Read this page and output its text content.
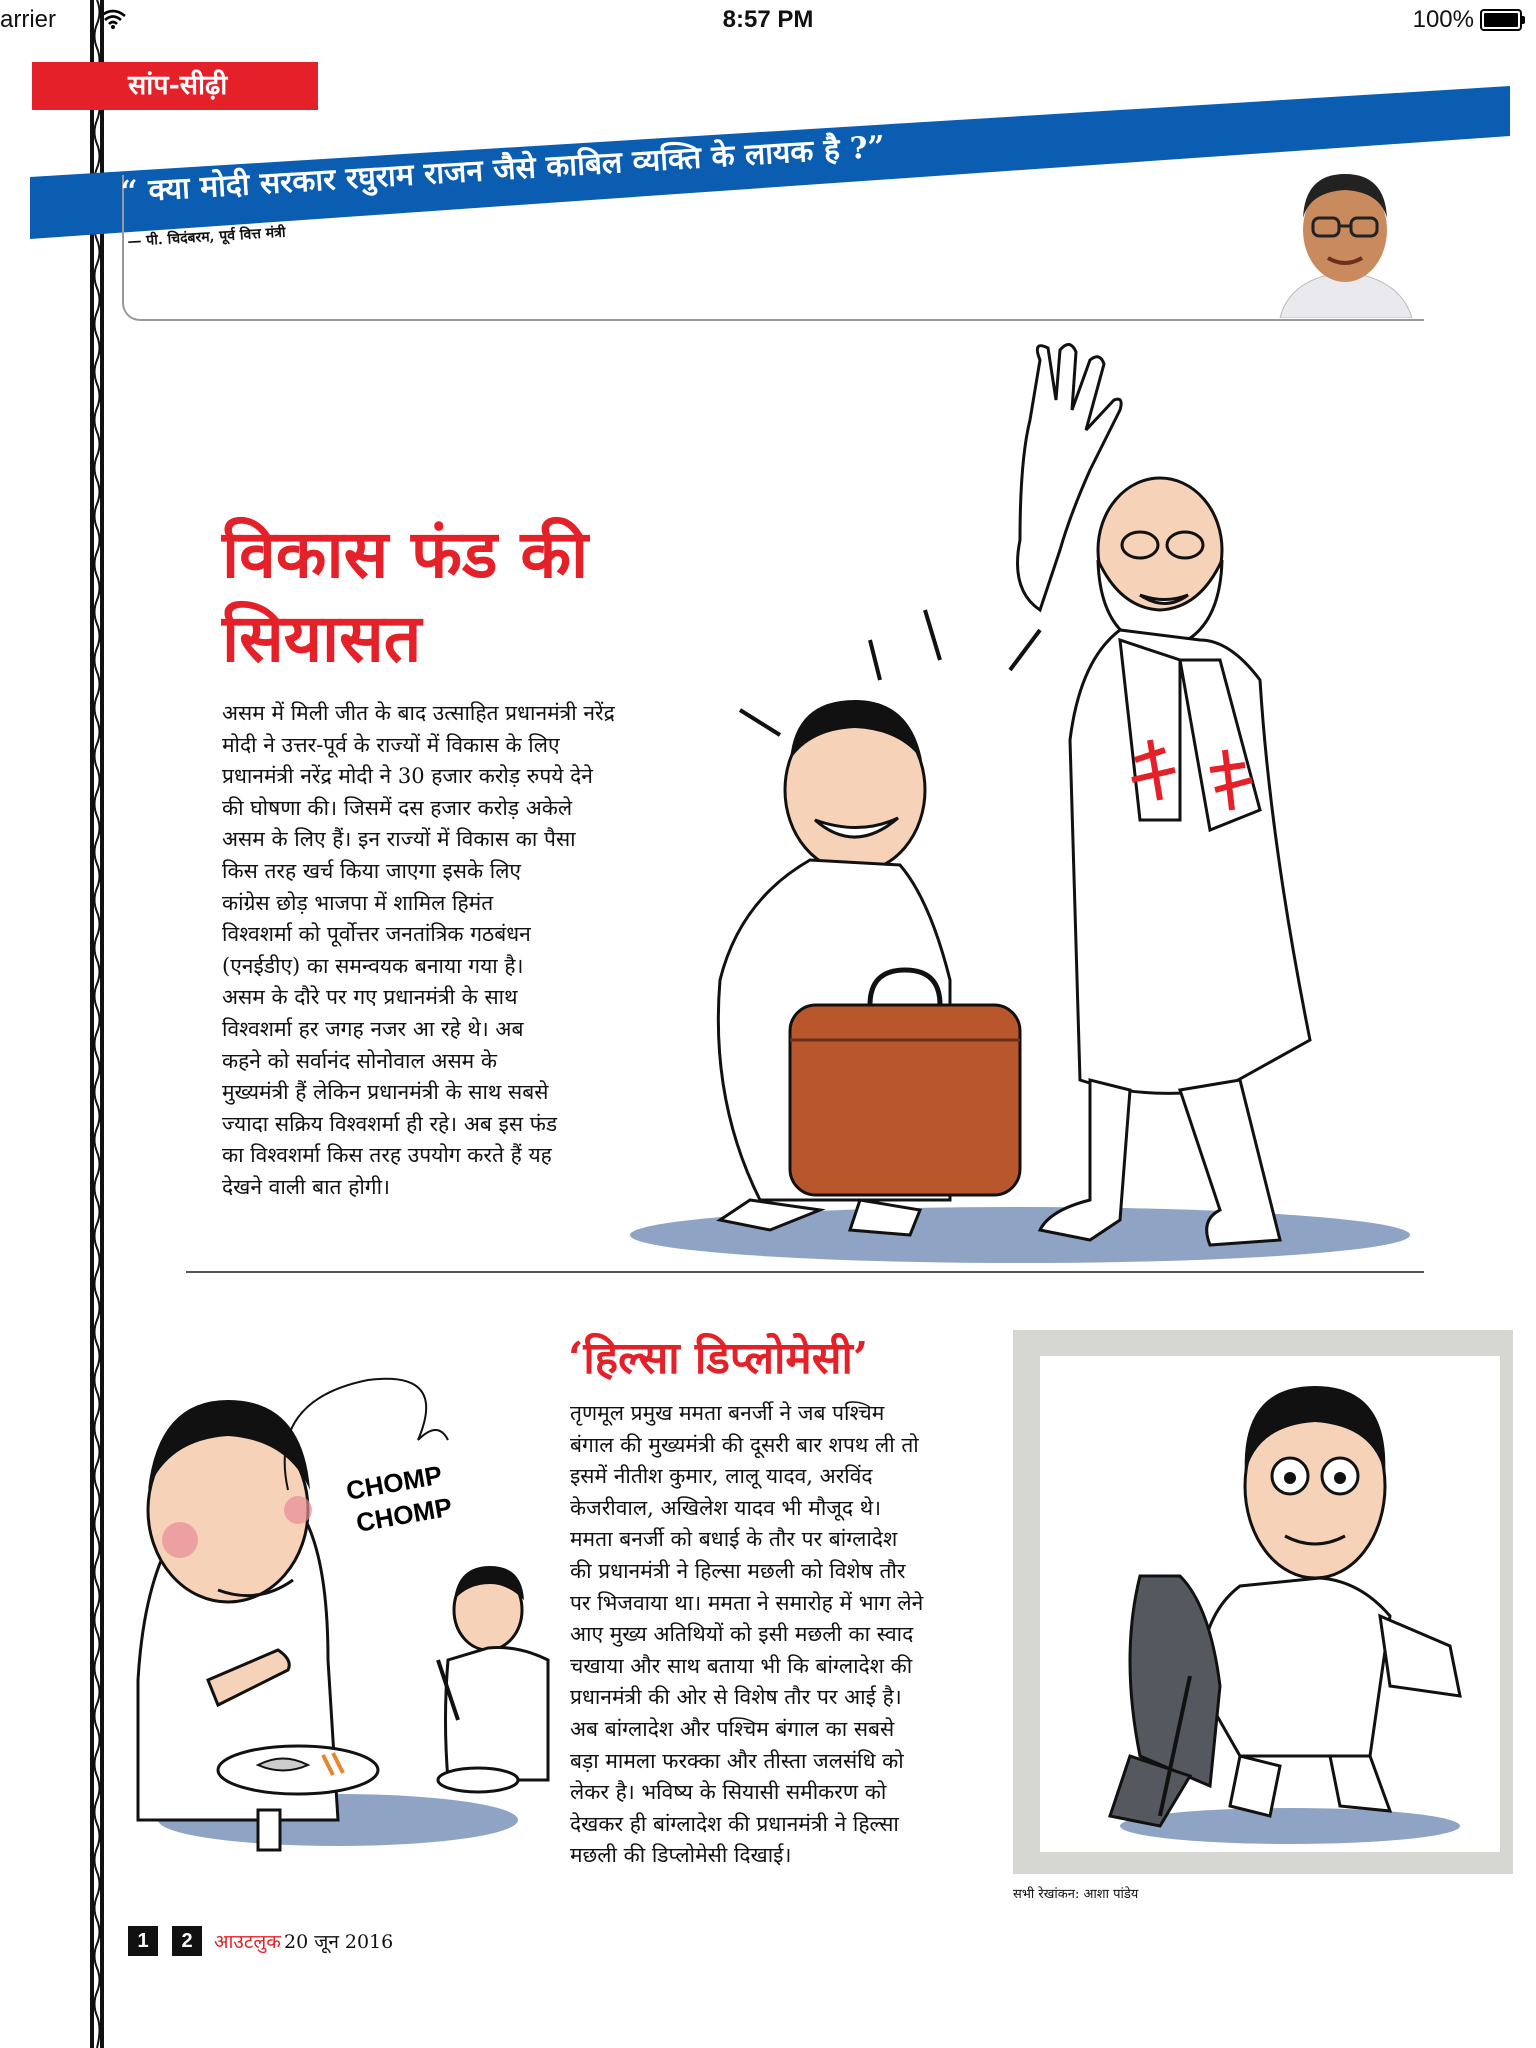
arrier	8:57 PM	100%
सांप-सीढ़ी
“ क्या मोदी सरकार रघुराम राजन जैसे काबिल व्यक्ति के लायक है ?”
— पी. चिदंबरम, पूर्व वित्त मंत्री
विकास फंड की
सियासत
असम में मिली जीत के बाद उत्साहित प्रधानमंत्री नरेंद्र
मोदी ने उत्तर-पूर्व के राज्यों में विकास के लिए
प्रधानमंत्री नरेंद्र मोदी ने 30 हजार करोड़ रुपये देने
की घोषणा की। जिसमें दस हजार करोड़ अकेले
असम के लिए हैं। इन राज्यों में विकास का पैसा
किस तरह खर्च किया जाएगा इसके लिए
कांग्रेस छोड़ भाजपा में शामिल हिमंत
विश्वशर्मा को पूर्वोत्तर जनतांत्रिक गठबंधन
(एनईडीए) का समन्वयक बनाया गया है।
असम के दौरे पर गए प्रधानमंत्री के साथ
विश्वशर्मा हर जगह नजर आ रहे थे। अब
कहने को सर्वानंद सोनोवाल असम के
मुख्यमंत्री हैं लेकिन प्रधानमंत्री के साथ सबसे
ज्यादा सक्रिय विश्वशर्मा ही रहे। अब इस फंड
का विश्वशर्मा किस तरह उपयोग करते हैं यह
देखने वाली बात होगी।
‘हिल्सा डिप्लोमेसी’
तृणमूल प्रमुख ममता बनर्जी ने जब पश्चिम
बंगाल की मुख्यमंत्री की दूसरी बार शपथ ली तो
इसमें नीतीश कुमार, लालू यादव, अरविंद
केजरीवाल, अखिलेश यादव भी मौजूद थे।
ममता बनर्जी को बधाई के तौर पर बांग्लादेश
की प्रधानमंत्री ने हिल्सा मछली को विशेष तौर
पर भिजवाया था। ममता ने समारोह में भाग लेने
आए मुख्य अतिथियों को इसी मछली का स्वाद
चखाया और साथ बताया भी कि बांग्लादेश की
प्रधानमंत्री की ओर से विशेष तौर पर आई है।
अब बांग्लादेश और पश्चिम बंगाल का सबसे
बड़ा मामला फरक्का और तीस्ता जलसंधि को
लेकर है। भविष्य के सियासी समीकरण को
देखकर ही बांग्लादेश की प्रधानमंत्री ने हिल्सा
मछली की डिप्लोमेसी दिखाई।
CHOMP
CHOMP
सभी रेखांकन: आशा पांडेय
1	2	आउटलुक 20 जून 2016
